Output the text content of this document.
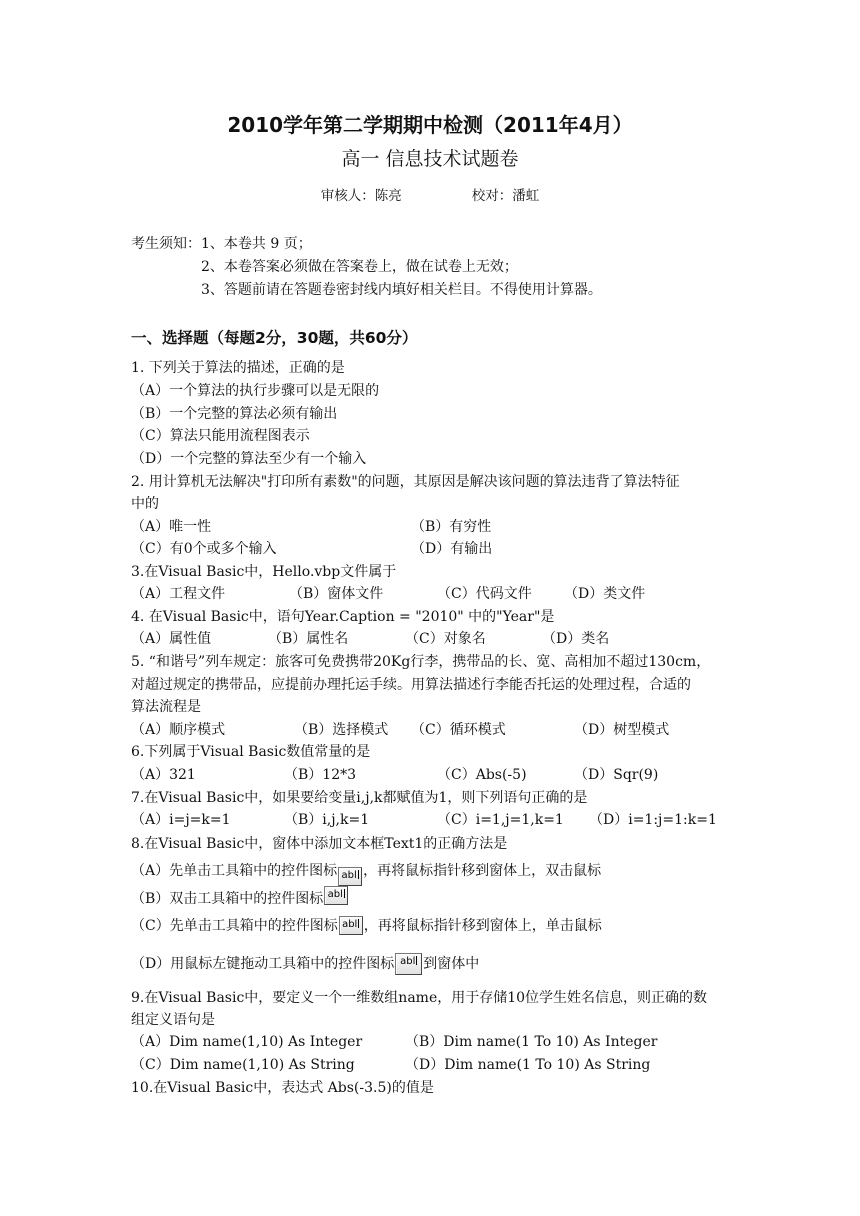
2010学年第二学期期中检测（2011年4月）
高一 信息技术试题卷
审核人：陈亮	校对：潘虹
考生须知： 1、本卷共 9 页；
2、本卷答案必须做在答案卷上，做在试卷上无效；
3、答题前请在答题卷密封线内填好相关栏目。不得使用计算器。
一、选择题（每题2分，30题，共60分）
1. 下列关于算法的描述，正确的是
（A）一个算法的执行步骤可以是无限的
（B）一个完整的算法必须有输出
（C）算法只能用流程图表示
（D）一个完整的算法至少有一个输入
2. 用计算机无法解决"打印所有素数"的问题，其原因是解决该问题的算法违背了算法特征
中的
（A）唯一性	（B）有穷性
（C）有0个或多个输入	（D）有输出
3.在Visual Basic中，Hello.vbp文件属于
（A）工程文件	（B）窗体文件	（C）代码文件 （D）类文件
4. 在Visual Basic中，语句Year.Caption = "2010" 中的"Year"是
（A）属性值	（B）属性名	（C）对象名	（D）类名
5. “和谐号”列车规定：旅客可免费携带20Kg行李，携带品的长、宽、高相加不超过130cm，
对超过规定的携带品，应提前办理托运手续。用算法描述行李能否托运的处理过程，合适的
算法流程是
（A）顺序模式	（B）选择模式 （C）循环模式	（D）树型模式
6.下列属于Visual Basic数值常量的是
（A）321	（B）12*3	（C）Abs(-5)	（D）Sqr(9)
7.在Visual Basic中，如果要给变量i,j,k都赋值为1，则下列语句正确的是
（A）i=j=k=1	（B）i,j,k=1	（C）i=1,j=1,k=1 （D）i=1:j=1:k=1
8.在Visual Basic中，窗体中添加文本框Text1的正确方法是
（A）先单击工具箱中的控件图标 abl ，再将鼠标指针移到窗体上，双击鼠标
（B）双击工具箱中的控件图标 abl
（C）先单击工具箱中的控件图标 abl ，再将鼠标指针移到窗体上，单击鼠标
（D）用鼠标左键拖动工具箱中的控件图标 abl 到窗体中
9.在Visual Basic中，要定义一个一维数组name，用于存储10位学生姓名信息，则正确的数
组定义语句是
（A）Dim name(1,10) As Integer	（B）Dim name(1 To 10) As Integer
（C）Dim name(1,10) As String	（D）Dim name(1 To 10) As String
10.在Visual Basic中，表达式 Abs(-3.5)的值是
